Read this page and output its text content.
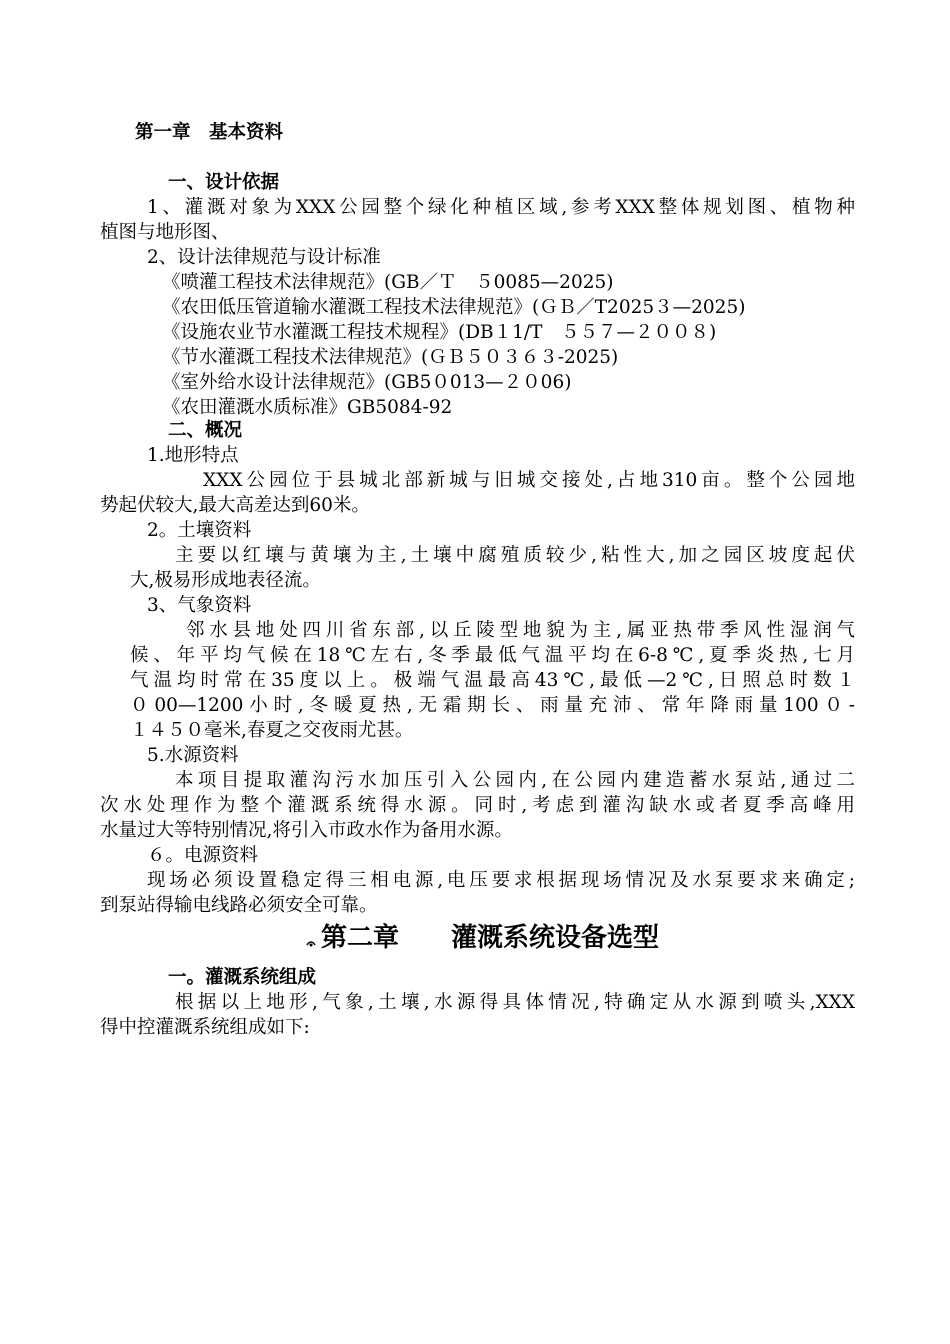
第一章　基本资料
一、设计依据
1、灌溉对象为XXX公园整个绿化种植区域,参考XXX整体规划图、植物种
植图与地形图、
2、设计法律规范与设计标准
《喷灌工程技术法律规范》(GB／Ｔ　５0085—2025)
《农田低压管道输水灌溉工程技术法律规范》(ＧＢ／T2025３—2025)
《设施农业节水灌溉工程技术规程》(DB１1/T　５５７—２００８)
《节水灌溉工程技术法律规范》(ＧＢ５０３６３-2025)
《室外给水设计法律规范》(GB5０013—２０06)
《农田灌溉水质标准》GB5084-92
二、概况
1.地形特点
XXX公园位于县城北部新城与旧城交接处,占地310亩。整个公园地
势起伏较大,最大高差达到60米。
2。土壤资料
主要以红壤与黄壤为主,土壤中腐殖质较少,粘性大,加之园区坡度起伏
大,极易形成地表径流。
3、气象资料
邻水县地处四川省东部,以丘陵型地貌为主,属亚热带季风性湿润气
候、年平均气候在18℃左右,冬季最低气温平均在6-8℃,夏季炎热,七月
气温均时常在35度以上。极端气温最高43℃,最低—2℃,日照总时数１
０00—1200小时,冬暖夏热,无霜期长、雨量充沛、常年降雨量100０-
１４５０毫米,春夏之交夜雨尤甚。
5.水源资料
本项目提取灌沟污水加压引入公园内,在公园内建造蓄水泵站,通过二
次水处理作为整个灌溉系统得水源。同时,考虑到灌沟缺水或者夏季高峰用
水量过大等特别情况,将引入市政水作为备用水源。
６。电源资料
现场必须设置稳定得三相电源,电压要求根据现场情况及水泵要求来确定;
到泵站得输电线路必须安全可靠。
第二章　　灌溉系统设备选型
一。灌溉系统组成
根据以上地形,气象,土壤,水源得具体情况,特确定从水源到喷头,XXX
得中控灌溉系统组成如下:
